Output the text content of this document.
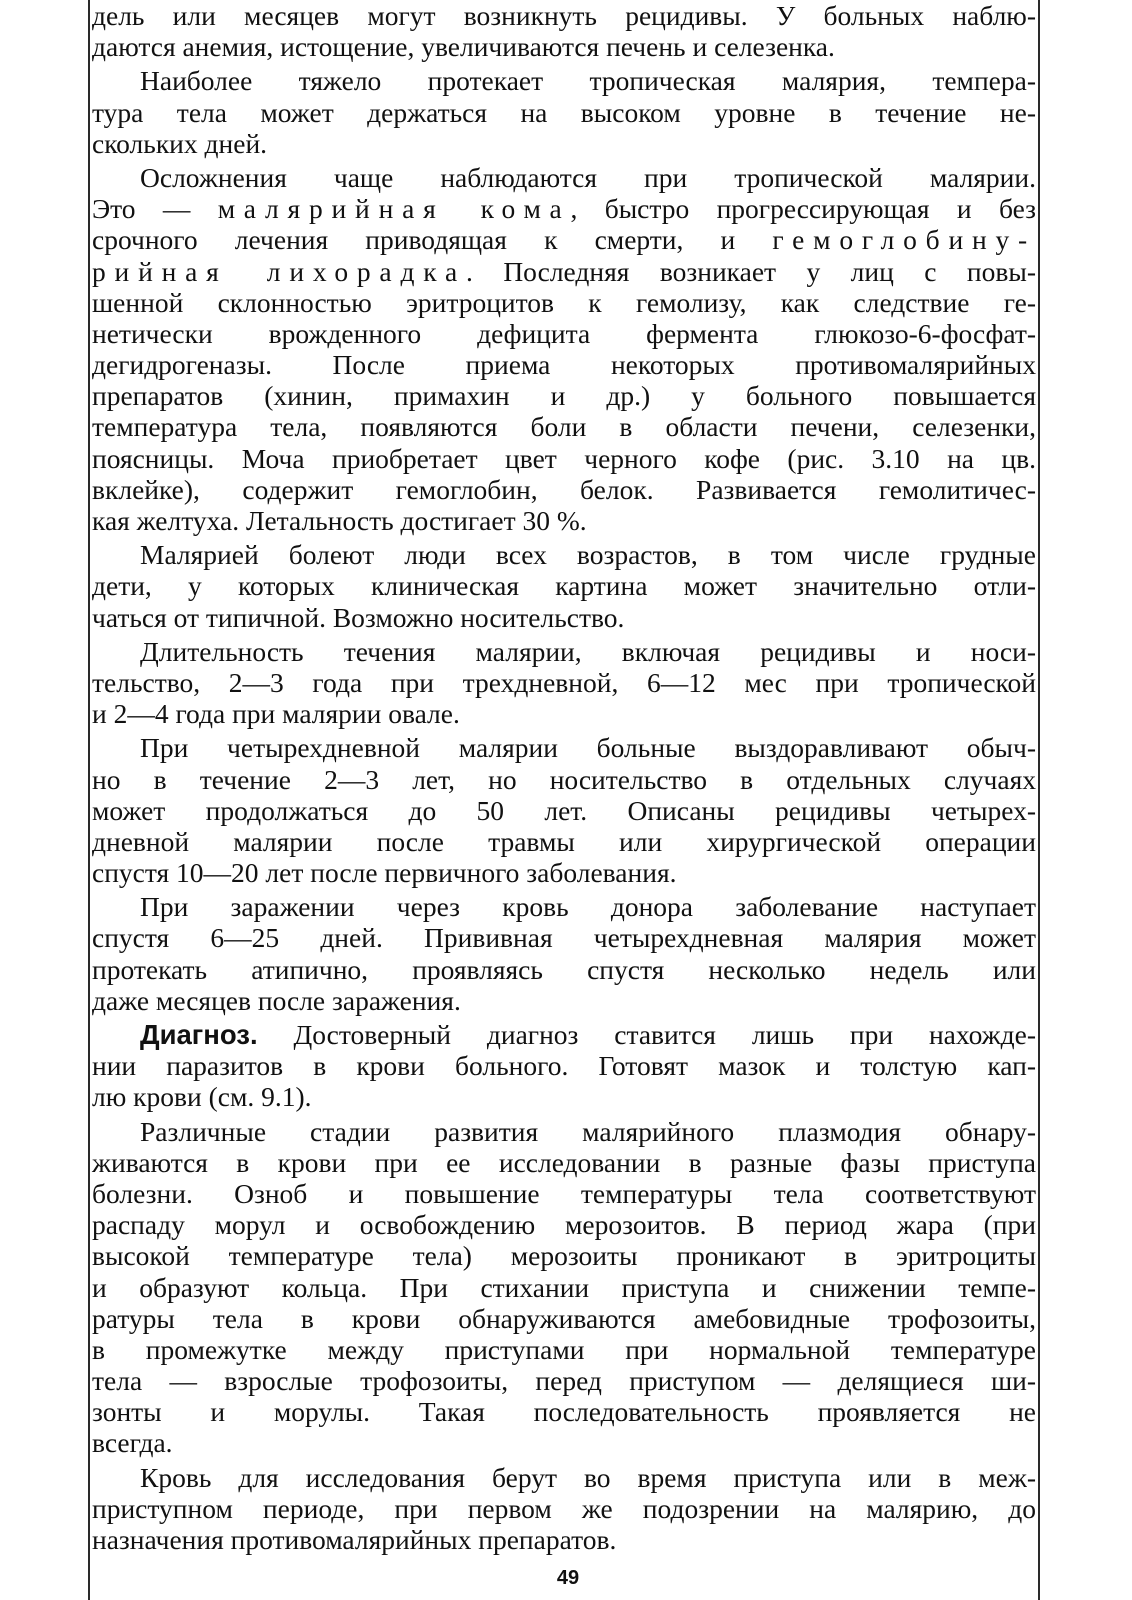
дель или месяцев могут возникнуть рецидивы. У больных наблю-
даются анемия, истощение, увеличиваются печень и селезенка.
Наиболее тяжело протекает тропическая малярия, темпера-
тура тела может держаться на высоком уровне в течение не-
скольких дней.
Осложнения чаще наблюдаются при тропической малярии.
Это — малярийная кома, быстро прогрессирующая и без
срочного лечения приводящая к смерти, и гемоглобину-
рийная лихорадка. Последняя возникает у лиц с повы-
шенной склонностью эритроцитов к гемолизу, как следствие ге-
нетически врожденного дефицита фермента глюкозо-6-фосфат-
дегидрогеназы. После приема некоторых противомалярийных
препаратов (хинин, примахин и др.) у больного повышается
температура тела, появляются боли в области печени, селезенки,
поясницы. Моча приобретает цвет черного кофе (рис. 3.10 на цв.
вклейке), содержит гемоглобин, белок. Развивается гемолитичес-
кая желтуха. Летальность достигает 30 %.
Малярией болеют люди всех возрастов, в том числе грудные
дети, у которых клиническая картина может значительно отли-
чаться от типичной. Возможно носительство.
Длительность течения малярии, включая рецидивы и носи-
тельство, 2—3 года при трехдневной, 6—12 мес при тропической
и 2—4 года при малярии овале.
При четырехдневной малярии больные выздоравливают обыч-
но в течение 2—3 лет, но носительство в отдельных случаях
может продолжаться до 50 лет. Описаны рецидивы четырех-
дневной малярии после травмы или хирургической операции
спустя 10—20 лет после первичного заболевания.
При заражении через кровь донора заболевание наступает
спустя 6—25 дней. Прививная четырехдневная малярия может
протекать атипично, проявляясь спустя несколько недель или
даже месяцев после заражения.
Диагноз. Достоверный диагноз ставится лишь при нахожде-
нии паразитов в крови больного. Готовят мазок и толстую кап-
лю крови (см. 9.1).
Различные стадии развития малярийного плазмодия обнару-
живаются в крови при ее исследовании в разные фазы приступа
болезни. Озноб и повышение температуры тела соответствуют
распаду морул и освобождению мерозоитов. В период жара (при
высокой температуре тела) мерозоиты проникают в эритроциты
и образуют кольца. При стихании приступа и снижении темпе-
ратуры тела в крови обнаруживаются амебовидные трофозоиты,
в промежутке между приступами при нормальной температуре
тела — взрослые трофозоиты, перед приступом — делящиеся ши-
зонты и морулы. Такая последовательность проявляется не
всегда.
Кровь для исследования берут во время приступа или в меж-
приступном периоде, при первом же подозрении на малярию, до
назначения противомалярийных препаратов.
49
